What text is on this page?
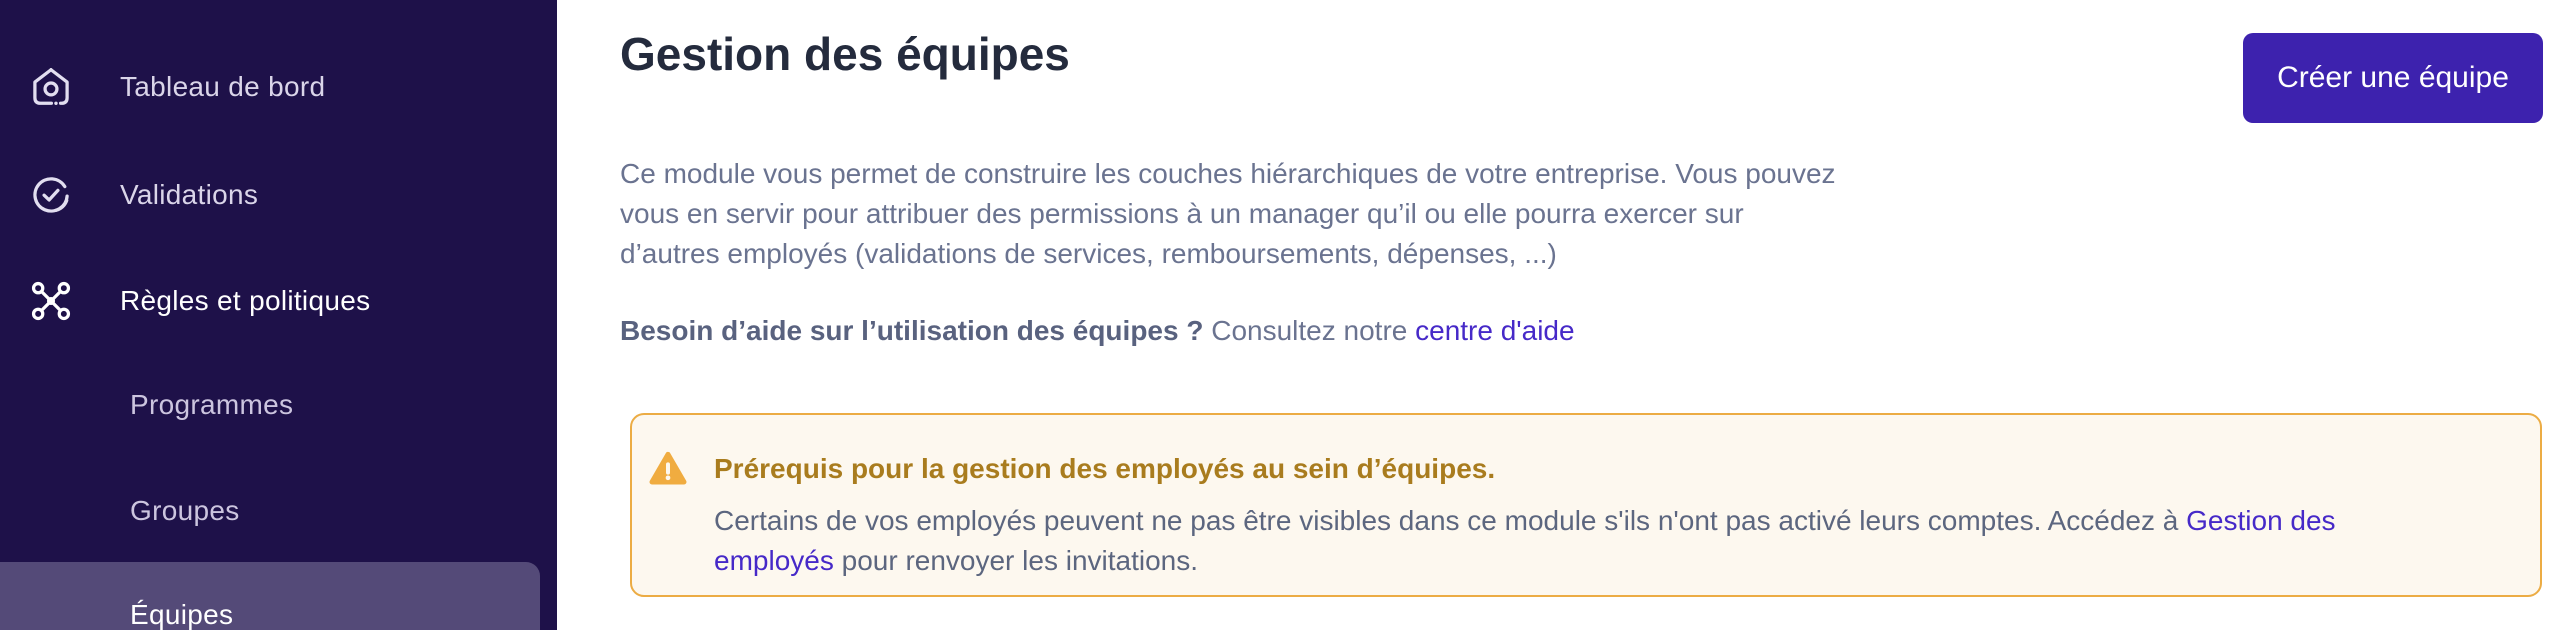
Tableau de bord
Validations
Règles et politiques
Programmes
Groupes
Équipes
Gestion des équipes	Créer une équipe
Ce module vous permet de construire les couches hiérarchiques de votre entreprise. Vous pouvez
vous en servir pour attribuer des permissions à un manager qu’il ou elle pourra exercer sur
d’autres employés (validations de services, remboursements, dépenses, ...)
Besoin d’aide sur l’utilisation des équipes ? Consultez notre centre d'aide
Prérequis pour la gestion des employés au sein d’équipes.
Certains de vos employés peuvent ne pas être visibles dans ce module s'ils n'ont pas activé leurs comptes. Accédez à Gestion des
employés pour renvoyer les invitations.
